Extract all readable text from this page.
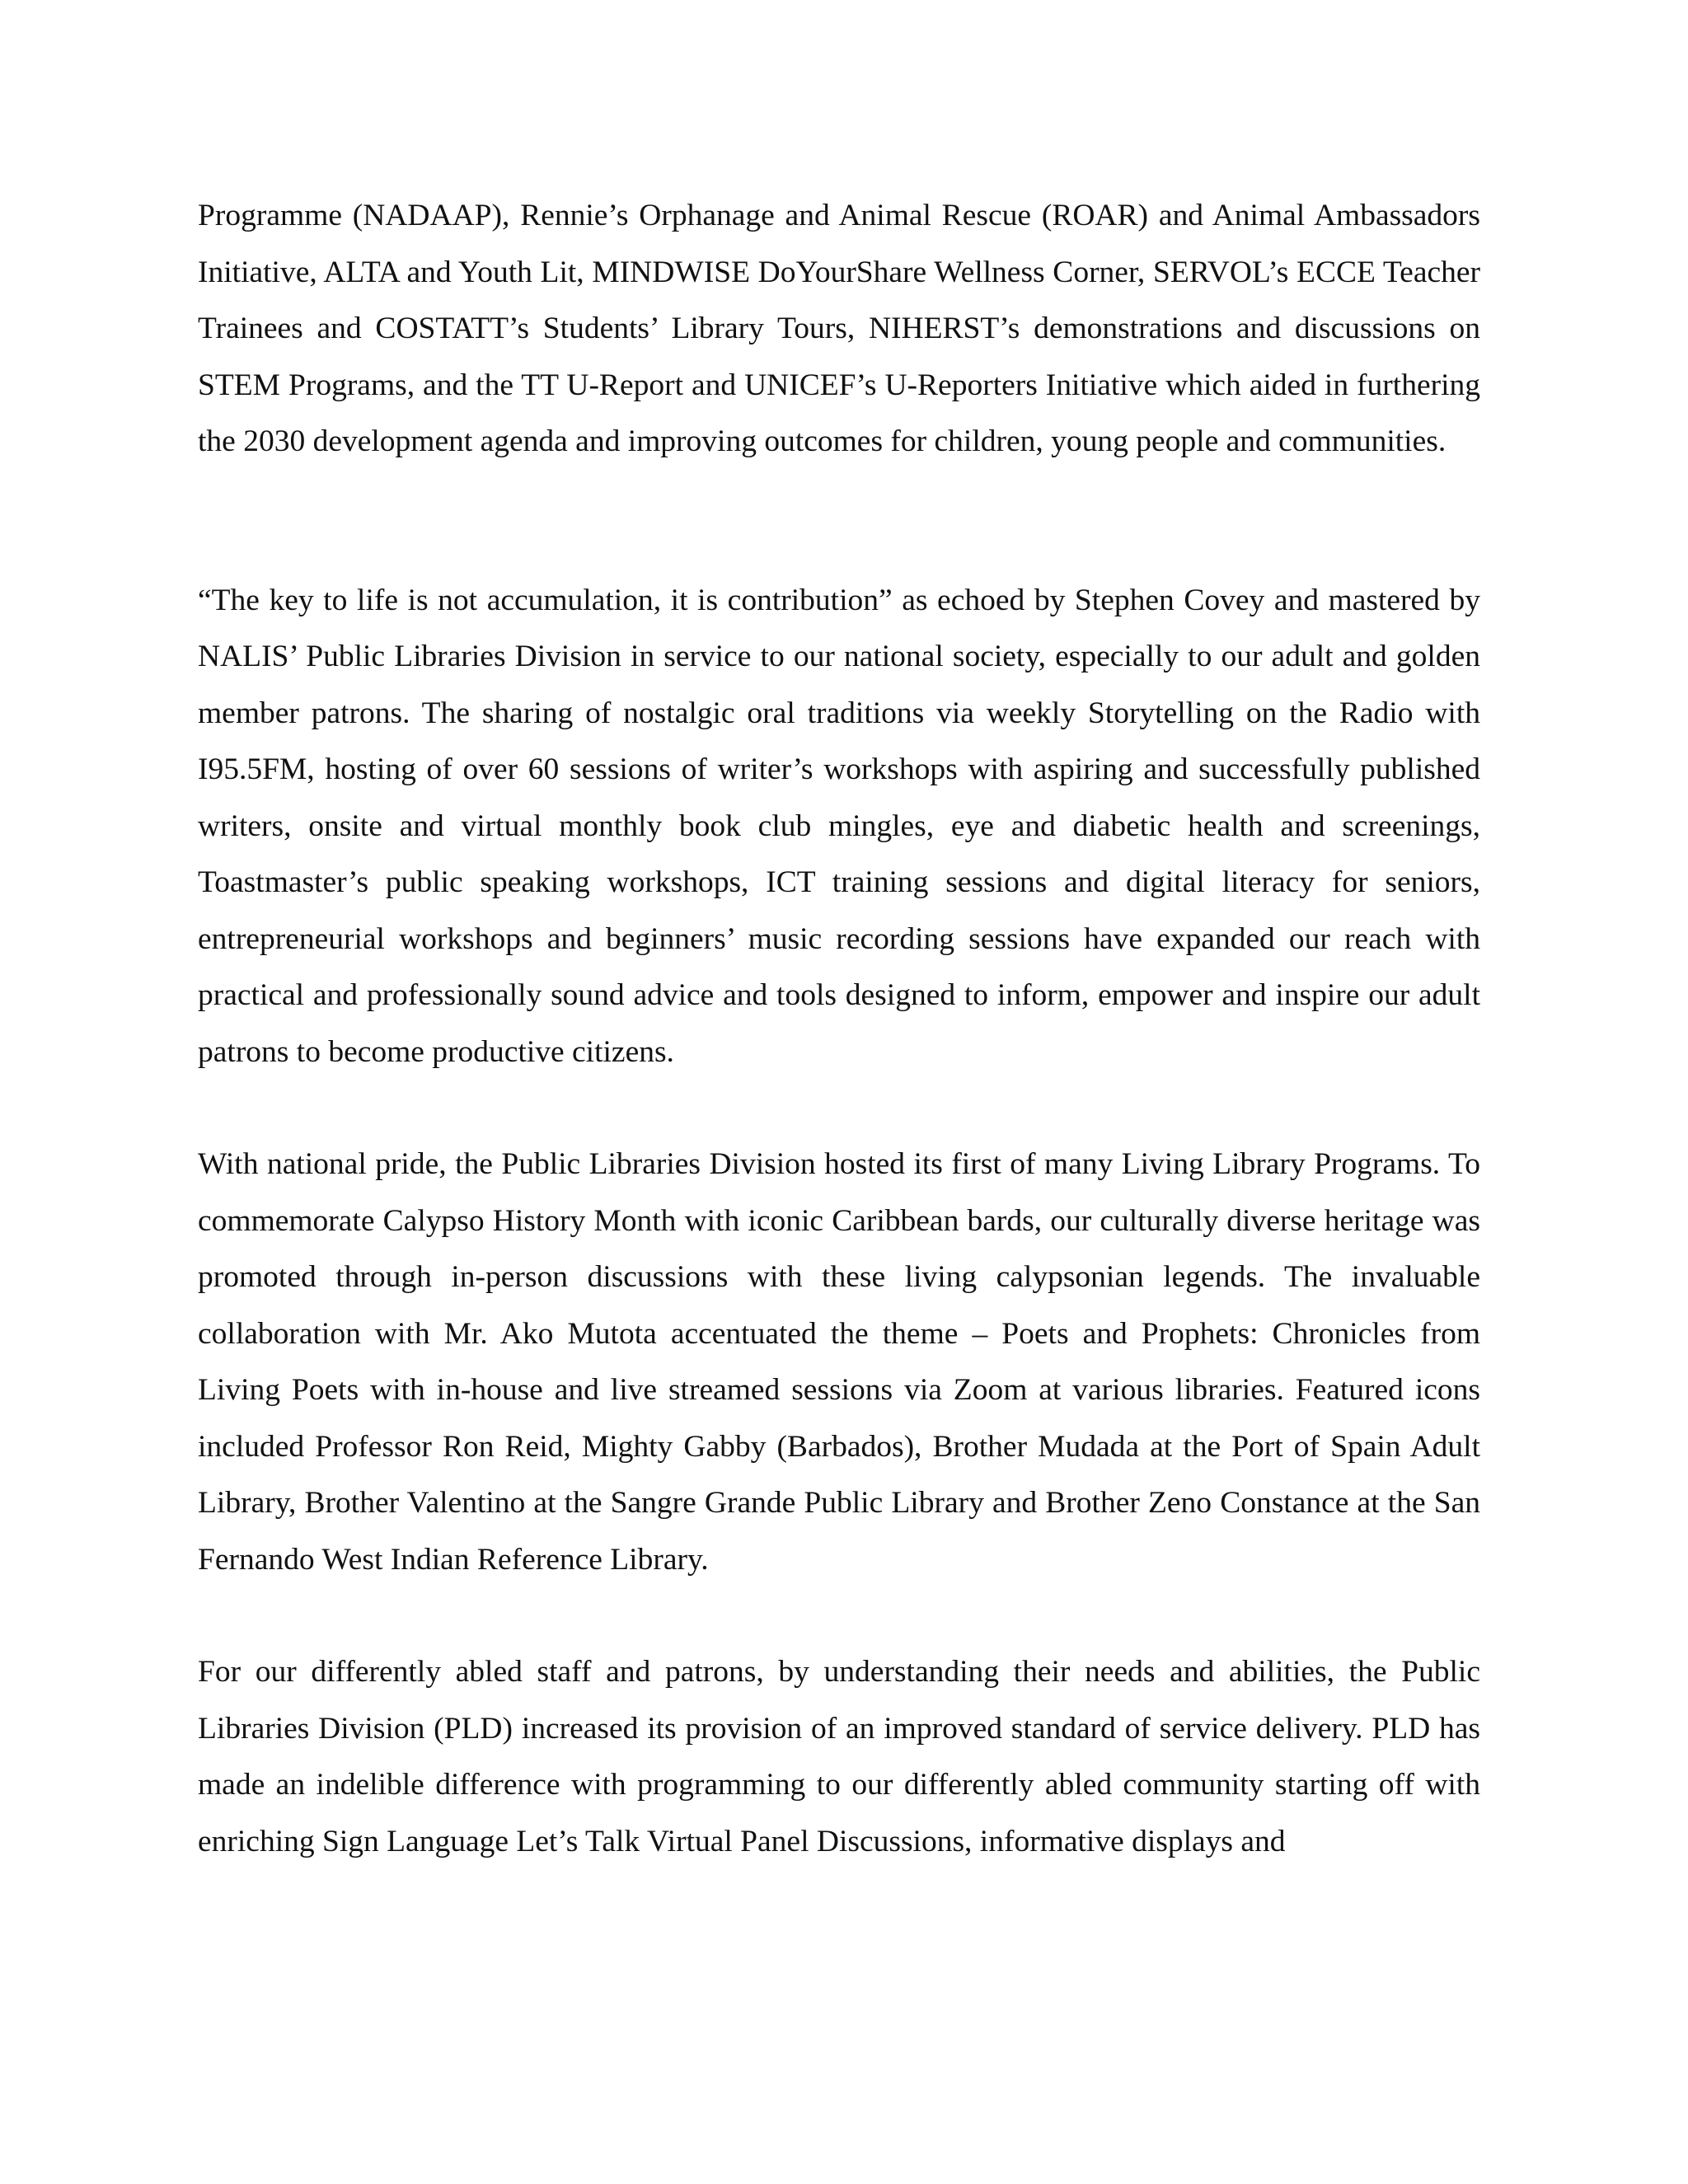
Programme (NADAAP), Rennie’s Orphanage and Animal Rescue (ROAR) and Animal Ambassadors Initiative, ALTA and Youth Lit, MINDWISE DoYourShare Wellness Corner, SERVOL’s ECCE Teacher Trainees and COSTATT’s Students’ Library Tours, NIHERST’s demonstrations and discussions on STEM Programs, and the TT U-Report and UNICEF’s U-Reporters Initiative which aided in furthering the 2030 development agenda and improving outcomes for children, young people and communities.

“The key to life is not accumulation, it is contribution” as echoed by Stephen Covey and mastered by NALIS’ Public Libraries Division in service to our national society, especially to our adult and golden member patrons. The sharing of nostalgic oral traditions via weekly Storytelling on the Radio with I95.5FM, hosting of over 60 sessions of writer’s workshops with aspiring and successfully published writers, onsite and virtual monthly book club mingles, eye and diabetic health and screenings, Toastmaster’s public speaking workshops, ICT training sessions and digital literacy for seniors, entrepreneurial workshops and beginners’ music recording sessions have expanded our reach with practical and professionally sound advice and tools designed to inform, empower and inspire our adult patrons to become productive citizens.

With national pride, the Public Libraries Division hosted its first of many Living Library Programs. To commemorate Calypso History Month with iconic Caribbean bards, our culturally diverse heritage was promoted through in-person discussions with these living calypsonian legends. The invaluable collaboration with Mr. Ako Mutota accentuated the theme – Poets and Prophets: Chronicles from Living Poets with in-house and live streamed sessions via Zoom at various libraries. Featured icons included Professor Ron Reid, Mighty Gabby (Barbados), Brother Mudada at the Port of Spain Adult Library, Brother Valentino at the Sangre Grande Public Library and Brother Zeno Constance at the San Fernando West Indian Reference Library.

For our differently abled staff and patrons, by understanding their needs and abilities, the Public Libraries Division (PLD) increased its provision of an improved standard of service delivery. PLD has made an indelible difference with programming to our differently abled community starting off with enriching Sign Language Let’s Talk Virtual Panel Discussions, informative displays and
